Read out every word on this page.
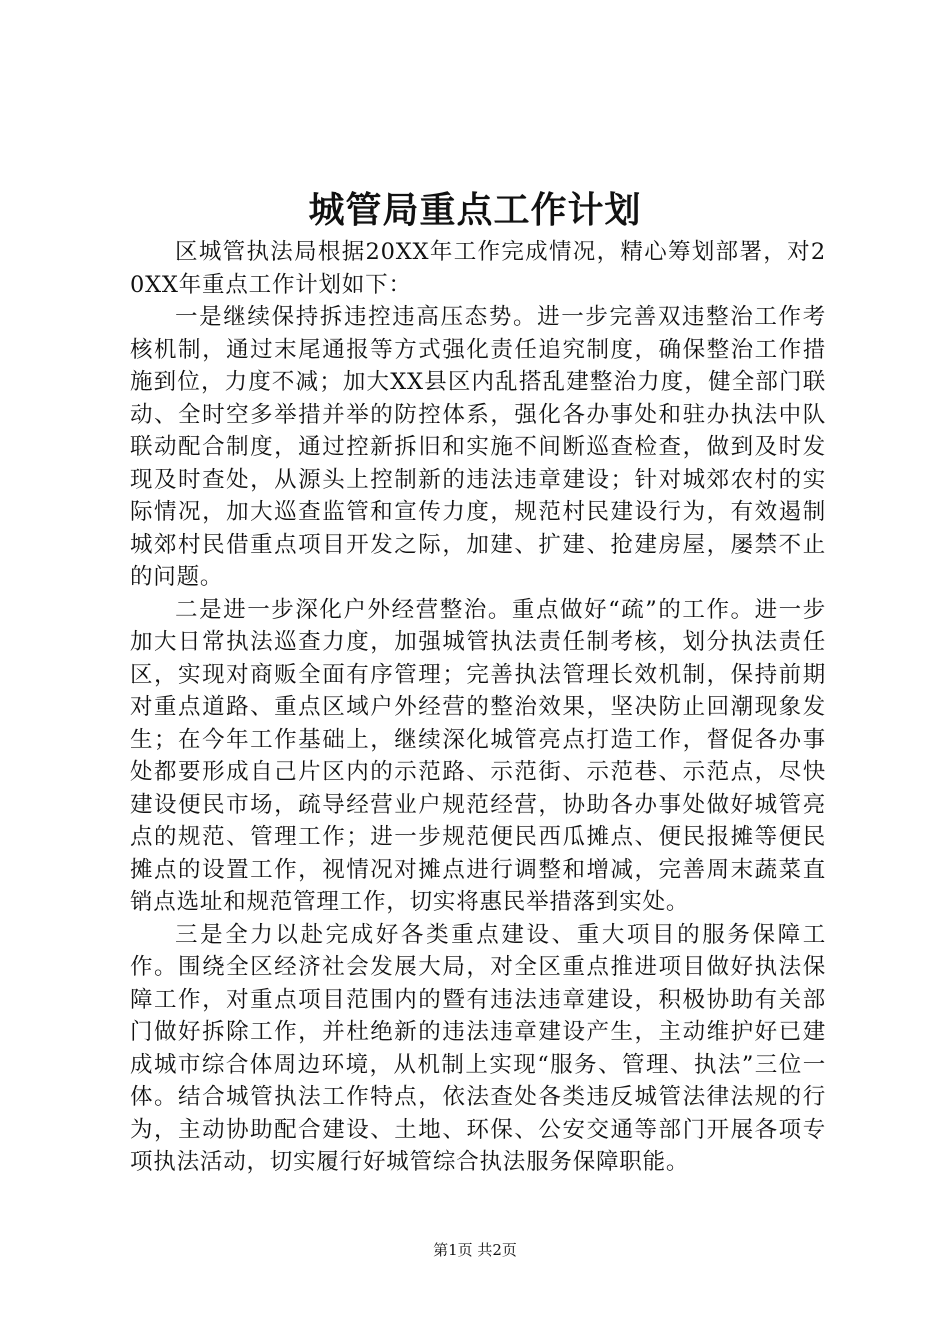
城管局重点工作计划

区城管执法局根据20XX年工作完成情况，精心筹划部署，对20XX年重点工作计划如下：

一是继续保持拆违控违高压态势。进一步完善双违整治工作考核机制，通过末尾通报等方式强化责任追究制度，确保整治工作措施到位，力度不减；加大XX县区内乱搭乱建整治力度，健全部门联动、全时空多举措并举的防控体系，强化各办事处和驻办执法中队联动配合制度，通过控新拆旧和实施不间断巡查检查，做到及时发现及时查处，从源头上控制新的违法违章建设；针对城郊农村的实际情况，加大巡查监管和宣传力度，规范村民建设行为，有效遏制城郊村民借重点项目开发之际，加建、扩建、抢建房屋，屡禁不止的问题。

二是进一步深化户外经营整治。重点做好“疏”的工作。进一步加大日常执法巡查力度，加强城管执法责任制考核，划分执法责任区，实现对商贩全面有序管理；完善执法管理长效机制，保持前期对重点道路、重点区域户外经营的整治效果，坚决防止回潮现象发生；在今年工作基础上，继续深化城管亮点打造工作，督促各办事处都要形成自己片区内的示范路、示范街、示范巷、示范点，尽快建设便民市场，疏导经营业户规范经营，协助各办事处做好城管亮点的规范、管理工作；进一步规范便民西瓜摊点、便民报摊等便民摊点的设置工作，视情况对摊点进行调整和增减，完善周末蔬菜直销点选址和规范管理工作，切实将惠民举措落到实处。

三是全力以赴完成好各类重点建设、重大项目的服务保障工作。围绕全区经济社会发展大局，对全区重点推进项目做好执法保障工作，对重点项目范围内的暨有违法违章建设，积极协助有关部门做好拆除工作，并杜绝新的违法违章建设产生，主动维护好已建成城市综合体周边环境，从机制上实现“服务、管理、执法”三位一体。结合城管执法工作特点，依法查处各类违反城管法律法规的行为，主动协助配合建设、土地、环保、公安交通等部门开展各项专项执法活动，切实履行好城管综合执法服务保障职能。

第1页 共2页
